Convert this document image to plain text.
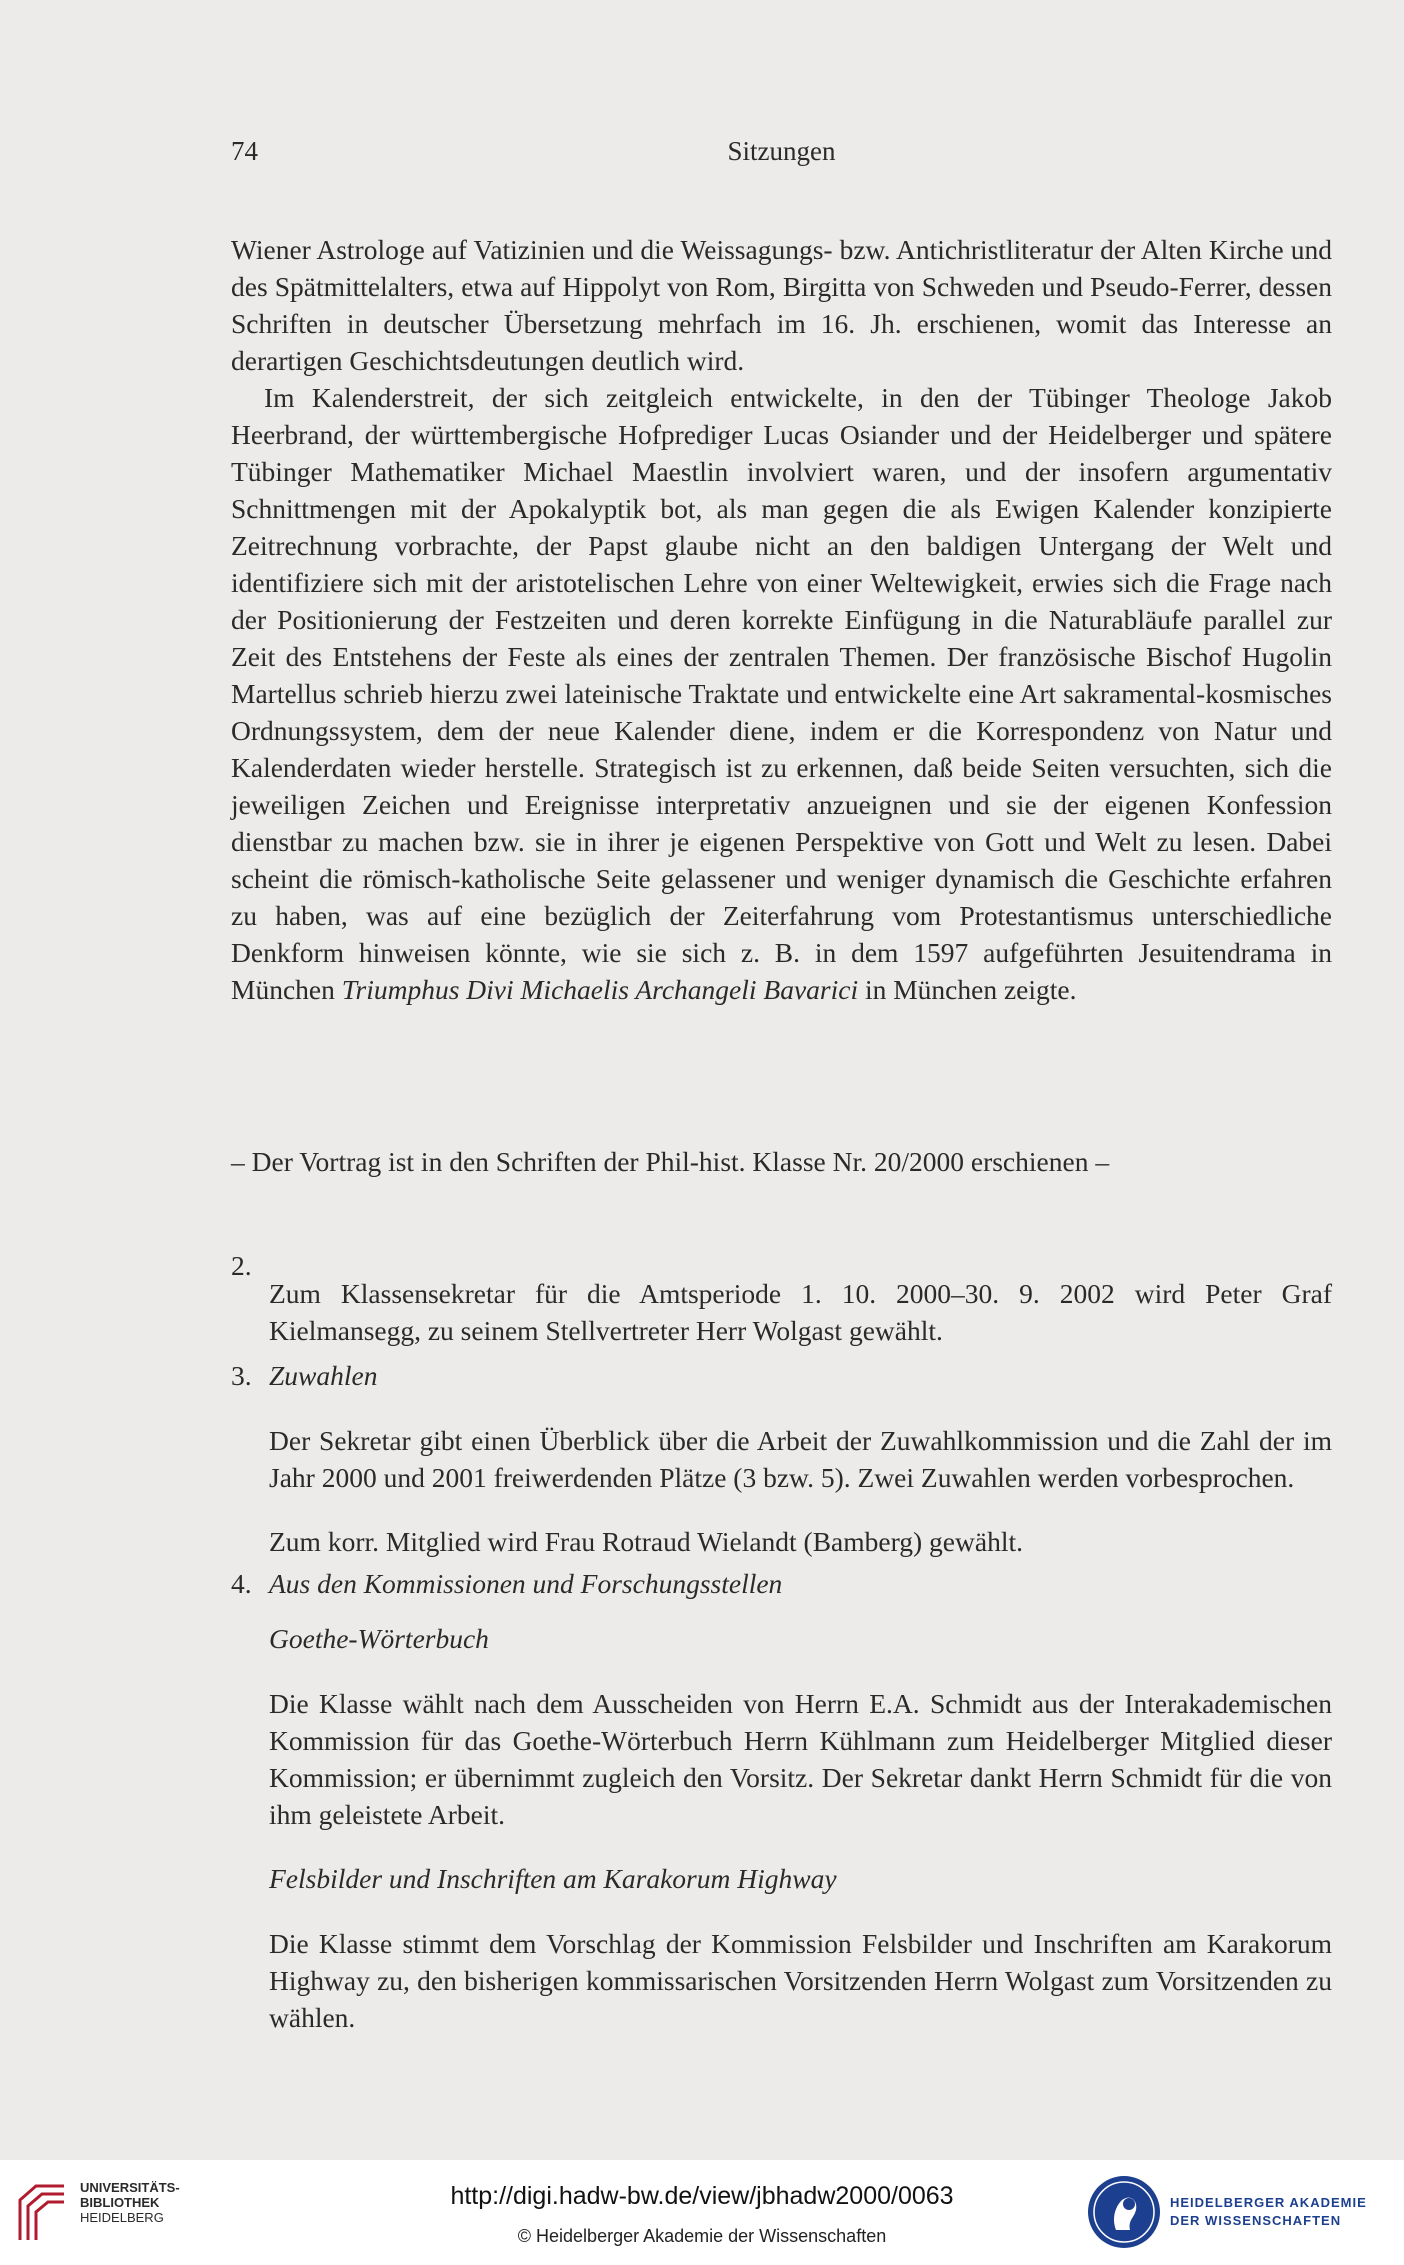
74	Sitzungen

Wiener Astrologe auf Vatizinien und die Weissagungs- bzw. Antichristliteratur der Alten Kirche und des Spätmittelalters, etwa auf Hippolyt von Rom, Birgitta von Schweden und Pseudo-Ferrer, dessen Schriften in deutscher Übersetzung mehrfach im 16. Jh. erschienen, womit das Interesse an derartigen Geschichtsdeutungen deutlich wird.

Im Kalenderstreit, der sich zeitgleich entwickelte, in den der Tübinger Theologe Jakob Heerbrand, der württembergische Hofprediger Lucas Osiander und der Heidelberger und spätere Tübinger Mathematiker Michael Maestlin involviert waren, und der insofern argumentativ Schnittmengen mit der Apokalyptik bot, als man gegen die als Ewigen Kalender konzipierte Zeitrechnung vorbrachte, der Papst glaube nicht an den baldigen Untergang der Welt und identifiziere sich mit der aristotelischen Lehre von einer Weltewigkeit, erwies sich die Frage nach der Positionierung der Festzeiten und deren korrekte Einfügung in die Naturabläufe parallel zur Zeit des Entstehens der Feste als eines der zentralen Themen. Der französische Bischof Hugolin Martellus schrieb hierzu zwei lateinische Traktate und entwickelte eine Art sakramental-kosmisches Ordnungssystem, dem der neue Kalender diene, indem er die Korrespondenz von Natur und Kalenderdaten wieder herstelle. Strategisch ist zu erkennen, daß beide Seiten versuchten, sich die jeweiligen Zeichen und Ereignisse interpretativ anzueignen und sie der eigenen Konfession dienstbar zu machen bzw. sie in ihrer je eigenen Perspektive von Gott und Welt zu lesen. Dabei scheint die römisch-katholische Seite gelassener und weniger dynamisch die Geschichte erfahren zu haben, was auf eine bezüglich der Zeiterfahrung vom Protestantismus unterschiedliche Denkform hinweisen könnte, wie sie sich z. B. in dem 1597 aufgeführten Jesuitendrama in München Triumphus Divi Michaelis Archangeli Bavarici in München zeigte.

– Der Vortrag ist in den Schriften der Phil-hist. Klasse Nr. 20/2000 erschienen –

2.

Zum Klassensekretar für die Amtsperiode 1. 10. 2000–30. 9. 2002 wird Peter Graf Kielmansegg, zu seinem Stellvertreter Herr Wolgast gewählt.

3. Zuwahlen

Der Sekretar gibt einen Überblick über die Arbeit der Zuwahlkommission und die Zahl der im Jahr 2000 und 2001 freiwerdenden Plätze (3 bzw. 5). Zwei Zuwahlen werden vorbesprochen.

Zum korr. Mitglied wird Frau Rotraud Wielandt (Bamberg) gewählt.

4. Aus den Kommissionen und Forschungsstellen
Goethe-Wörterbuch

Die Klasse wählt nach dem Ausscheiden von Herrn E.A. Schmidt aus der Interakademischen Kommission für das Goethe-Wörterbuch Herrn Kühlmann zum Heidelberger Mitglied dieser Kommission; er übernimmt zugleich den Vorsitz. Der Sekretar dankt Herrn Schmidt für die von ihm geleistete Arbeit.

Felsbilder und Inschriften am Karakorum Highway

Die Klasse stimmt dem Vorschlag der Kommission Felsbilder und Inschriften am Karakorum Highway zu, den bisherigen kommissarischen Vorsitzenden Herrn Wolgast zum Vorsitzenden zu wählen.

UNIVERSITÄTS-
BIBLIOTHEK
HEIDELBERG
http://digi.hadw-bw.de/view/jbhadw2000/0063
© Heidelberger Akademie der Wissenschaften
HEIDELBERGER AKADEMIE
DER WISSENSCHAFTEN
